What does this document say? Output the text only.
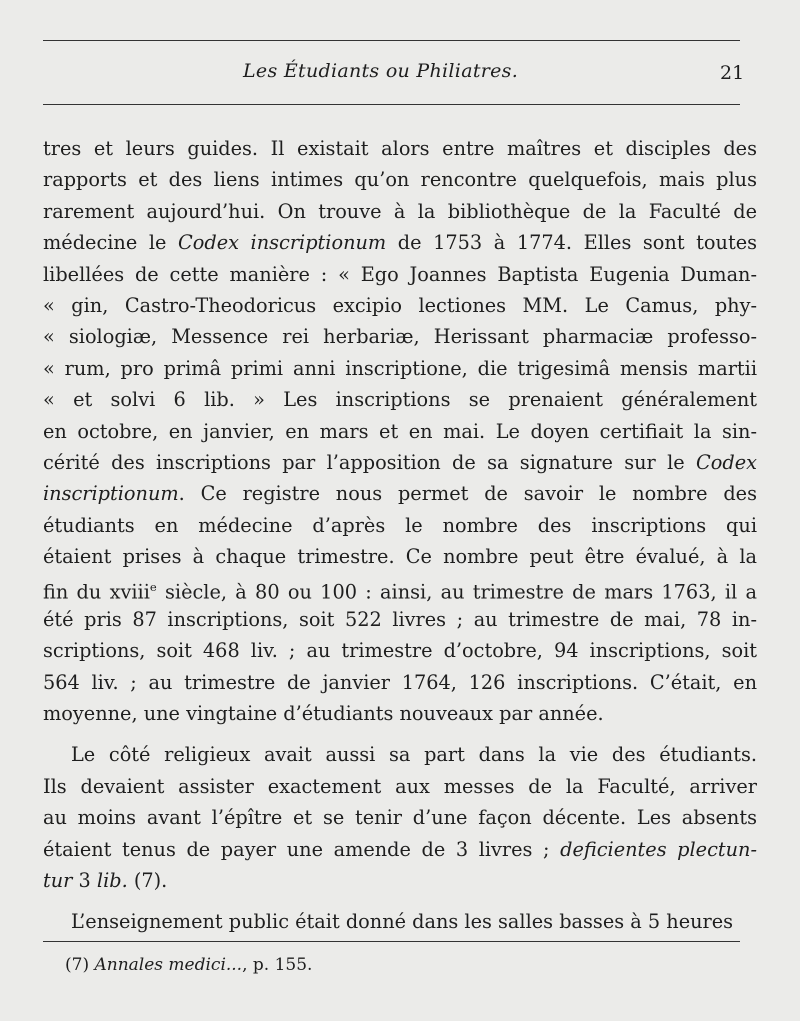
Les Étudiants ou Philiatres.	21
tres et leurs guides. Il existait alors entre maîtres et disciples des
rapports et des liens intimes qu’on rencontre quelquefois, mais plus
rarement aujourd’hui. On trouve à la bibliothèque de la Faculté de
médecine le Codex inscriptionum de 1753 à 1774. Elles sont toutes
libellées de cette manière : « Ego Joannes Baptista Eugenia Duman-
« gin, Castro-Theodoricus excipio lectiones MM. Le Camus, phy-
« siologiæ, Messence rei herbariæ, Herissant pharmaciæ professo-
« rum, pro primâ primi anni inscriptione, die trigesimâ mensis martii
« et solvi 6 lib. » Les inscriptions se prenaient généralement
en octobre, en janvier, en mars et en mai. Le doyen certifiait la sin-
cérité des inscriptions par l’apposition de sa signature sur le Codex
inscriptionum. Ce registre nous permet de savoir le nombre des
étudiants en médecine d’après le nombre des inscriptions qui
étaient prises à chaque trimestre. Ce nombre peut être évalué, à la
fin du xviii$^e$ siècle, à 80 ou 100 : ainsi, au trimestre de mars 1763, il a
été pris 87 inscriptions, soit 522 livres ; au trimestre de mai, 78 in-
scriptions, soit 468 liv. ; au trimestre d’octobre, 94 inscriptions, soit
564 liv. ; au trimestre de janvier 1764, 126 inscriptions. C’était, en
moyenne, une vingtaine d’étudiants nouveaux par année.
Le côté religieux avait aussi sa part dans la vie des étudiants.
Ils devaient assister exactement aux messes de la Faculté, arriver
au moins avant l’épître et se tenir d’une façon décente. Les absents
étaient tenus de payer une amende de 3 livres ; deficientes plectun-
tur 3 lib. (7).
L’enseignement public était donné dans les salles basses à 5 heures
(7) Annales medici..., p. 155.
